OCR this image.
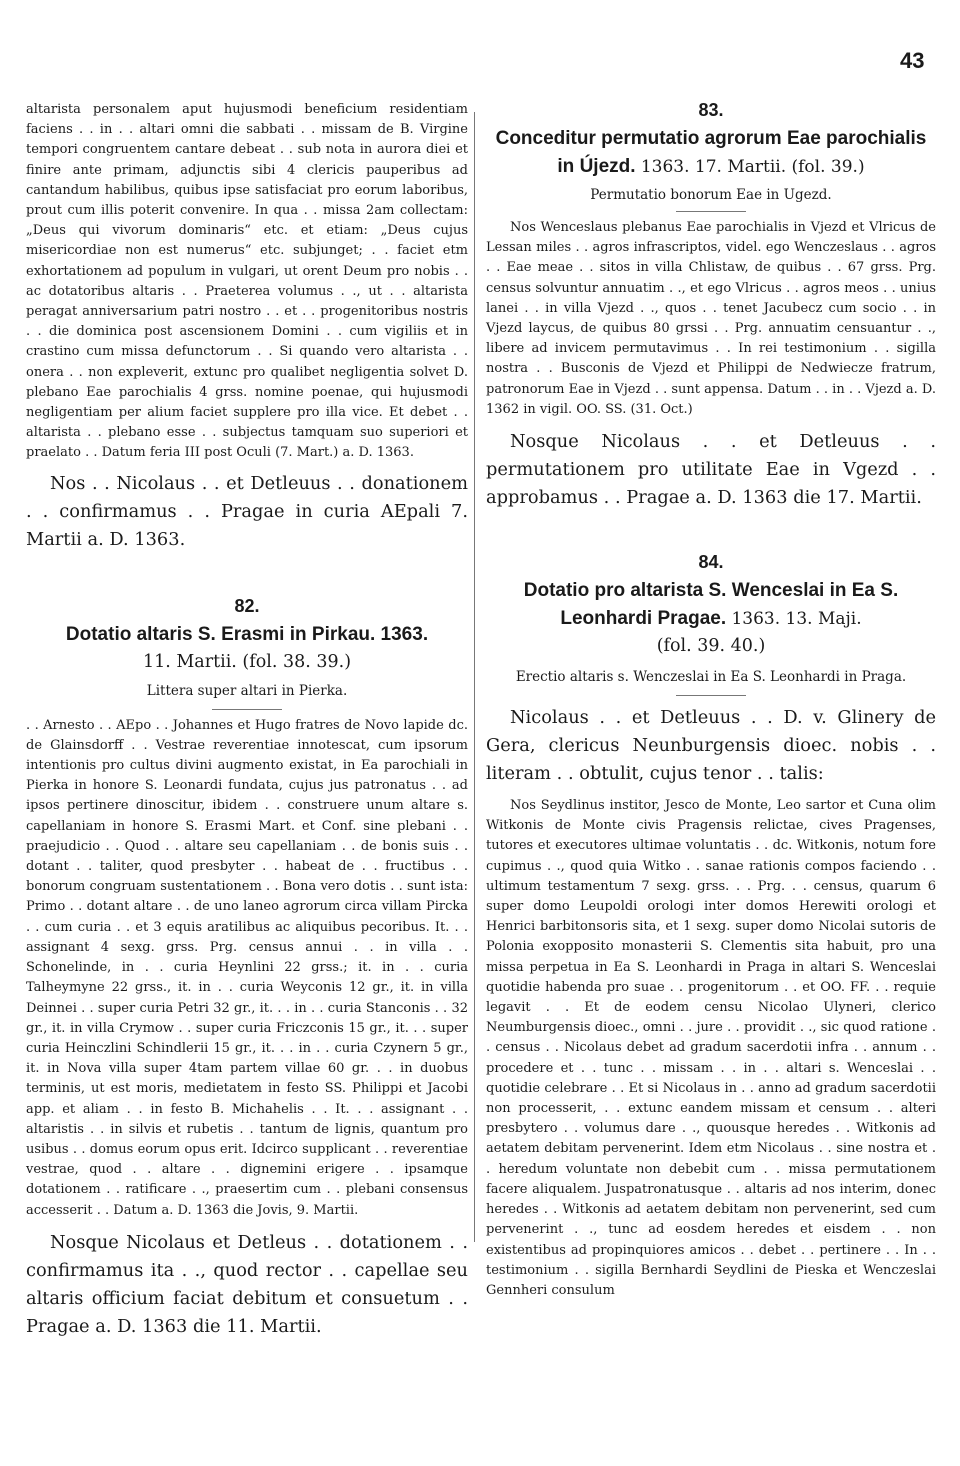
43

altarista personalem aput hujusmodi beneficium residentiam faciens . . in . . altari omni die sabbati . . missam de B. Virgine tempori congruentem cantare debeat . . sub nota in aurora diei et finire ante primam, adjunctis sibi 4 clericis pauperibus ad cantandum habilibus, quibus ipse satisfaciat pro eorum laboribus, prout cum illis poterit convenire. In qua . . missa 2am collectam: „Deus qui vivorum dominaris“ etc. et etiam: „Deus cujus misericordiae non est numerus“ etc. subjunget; . . faciet etm exhortationem ad populum in vulgari, ut orent Deum pro nobis . . ac dotatoribus altaris . . Praeterea volumus . ., ut . . altarista peragat anniversarium patri nostro . . et . . progenitoribus nostris . . die dominica post ascensionem Domini . . cum vigiliis et in crastino cum missa defunctorum . . Si quando vero altarista . . onera . . non expleverit, extunc pro qualibet negligentia solvet D. plebano Eae parochialis 4 grss. nomine poenae, qui hujusmodi negligentiam per alium faciet supplere pro illa vice. Et debet . . altarista . . plebano esse . . subjectus tamquam suo superiori et praelato . . Datum feria III post Oculi (7. Mart.) a. D. 1363.

Nos . . Nicolaus . . et Detleuus . . donationem . . confirmamus . . Pragae in curia AEpali 7. Martii a. D. 1363.

82.

Dotatio altaris S. Erasmi in Pirkau. 1363.

11. Martii. (fol. 38. 39.)

Littera super altari in Pierka.

. . Arnesto . . AEpo . . Johannes et Hugo fratres de Novo lapide dc. de Glainsdorff . . Vestrae reverentiae innotescat, cum ipsorum intentionis pro cultus divini augmento existat, in Ea parochiali in Pierka in honore S. Leonardi fundata, cujus jus patronatus . . ad ipsos pertinere dinoscitur, ibidem . . construere unum altare s. capellaniam in honore S. Erasmi Mart. et Conf. sine plebani . . praejudicio . . Quod . . altare seu capellaniam . . de bonis suis . . dotant . . taliter, quod presbyter . . habeat de . . fructibus . . bonorum congruam sustentationem . . Bona vero dotis . . sunt ista: Primo . . dotant altare . . de uno laneo agrorum circa villam Pircka . . cum curia . . et 3 equis aratilibus ac aliquibus pecoribus. It. . . assignant 4 sexg. grss. Prg. census annui . . in villa . . Schonelinde, in . . curia Heynlini 22 grss.; it. in . . curia Talheymyne 22 grss., it. in . . curia Weyconis 12 gr., it. in villa Deinnei . . super curia Petri 32 gr., it. . . in . . curia Stanconis . . 32 gr., it. in villa Crymow . . super curia Friczconis 15 gr., it. . . super curia Heinczlini Schindlerii 15 gr., it. . . in . . curia Czynern 5 gr., it. in Nova villa super 4tam partem villae 60 gr. . . in duobus terminis, ut est moris, medietatem in festo SS. Philippi et Jacobi app. et aliam . . in festo B. Michahelis . . It. . . assignant . . altaristis . . in silvis et rubetis . . tantum de lignis, quantum pro usibus . . domus eorum opus erit. Idcirco supplicant . . reverentiae vestrae, quod . . altare . . dignemini erigere . . ipsamque dotationem . . ratificare . ., praesertim cum . . plebani consensus accesserit . . Datum a. D. 1363 die Jovis, 9. Martii.

Nosque Nicolaus et Detleus . . dotationem . . confirmamus ita . ., quod rector . . capellae seu altaris officium faciat debitum et consuetum . . Pragae a. D. 1363 die 11. Martii.

83.

Conceditur permutatio agrorum Eae parochialis in Újezd. 1363. 17. Martii. (fol. 39.)

Permutatio bonorum Eae in Ugezd.

Nos Wenceslaus plebanus Eae parochialis in Vjezd et Vlricus de Lessan miles . . agros infrascriptos, videl. ego Wenczeslaus . . agros . . Eae meae . . sitos in villa Chlistaw, de quibus . . 67 grss. Prg. census solvuntur annuatim . ., et ego Vlricus . . agros meos . . unius lanei . . in villa Vjezd . ., quos . . tenet Jacubecz cum socio . . in Vjezd laycus, de quibus 80 grssi . . Prg. annuatim censuantur . ., libere ad invicem permutavimus . . In rei testimonium . . sigilla nostra . . Busconis de Vjezd et Philippi de Nedwiecze fratrum, patronorum Eae in Vjezd . . sunt appensa. Datum . . in . . Vjezd a. D. 1362 in vigil. OO. SS. (31. Oct.)

Nosque Nicolaus . . et Detleuus . . permutationem pro utilitate Eae in Vgezd . . approbamus . . Pragae a. D. 1363 die 17. Martii.

84.

Dotatio pro altarista S. Wenceslai in Ea S. Leonhardi Pragae. 1363. 13. Maji.

(fol. 39. 40.)

Erectio altaris s. Wenczeslai in Ea S. Leonhardi in Praga.

Nicolaus . . et Detleuus . . D. v. Glinery de Gera, clericus Neunburgensis dioec. nobis . . literam . . obtulit, cujus tenor . . talis:

Nos Seydlinus institor, Jesco de Monte, Leo sartor et Cuna olim Witkonis de Monte civis Pragensis relictae, cives Pragenses, tutores et executores ultimae voluntatis . . dc. Witkonis, notum fore cupimus . ., quod quia Witko . . sanae rationis compos faciendo . . ultimum testamentum 7 sexg. grss. . . Prg. . . census, quarum 6 super domo Leupoldi orologi inter domos Herewiti orologi et Henrici barbitonsoris sita, et 1 sexg. super domo Nicolai sutoris de Polonia exopposito monasterii S. Clementis sita habuit, pro una missa perpetua in Ea S. Leonhardi in Praga in altari S. Wenceslai quotidie habenda pro suae . . progenitorum . . et OO. FF. . . requie legavit . . Et de eodem censu Nicolao Ulyneri, clerico Neumburgensis dioec., omni . . jure . . providit . ., sic quod ratione . . census . . Nicolaus debet ad gradum sacerdotii infra . . annum . . procedere et . . tunc . . missam . . in . . altari s. Wenceslai . . quotidie celebrare . . Et si Nicolaus in . . anno ad gradum sacerdotii non processerit, . . extunc eandem missam et censum . . alteri presbytero . . volumus dare . ., quousque heredes . . Witkonis ad aetatem debitam pervenerint. Idem etm Nicolaus . . sine nostra et . . heredum voluntate non debebit cum . . missa permutationem facere aliqualem. Juspatronatusque . . altaris ad nos interim, donec heredes . . Witkonis ad aetatem debitam non pervenerint, sed cum pervenerint . ., tunc ad eosdem heredes et eisdem . . non existentibus ad propinquiores amicos . . debet . . pertinere . . In . . testimonium . . sigilla Bernhardi Seydlini de Pieska et Wenczeslai Gennheri consulum
